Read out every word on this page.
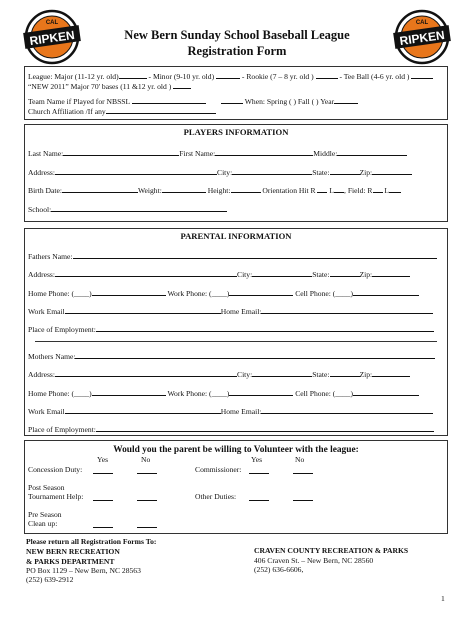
RIPKEN
CAL
RIPKEN
CAL
New Bern Sunday School Baseball League
Registration Form
League: Major (11-12 yr. old)	- Minor (9-10 yr. old)	- Rookie (7 – 8 yr. old )	- Tee Ball (4-6 yr. old )
“NEW 2011” Major 70' bases (11 &12 yr. old )
Team Name if Played for NBSSL	When: Spring ( ) Fall ( ) Year
Church Affiliation /If any
PLAYERS INFORMATION
Last Name:	First Name:	Middle:
Address:	City:	State:	Zip:
Birth Date:	Weight:	Height:	Orientation Hit R L , Field: R L
School:
PARENTAL INFORMATION
Fathers Name:
Address:	City:	State:	Zip:
Home Phone: (____)	Work Phone: (____)	Cell Phone: (____)
Work Email	Home Email:
Place of Employment:
Mothers Name:
Address:	City:	State:	Zip:
Home Phone: (____)	Work Phone: (____)	Cell Phone: (____)
Work Email	Home Email:
Place of Employment:
Would you the parent be willing to Volunteer with the league:
Yes	No	Yes	No
Concession Duty:	Commissioner:
Post Season
Tournament Help:	Other Duties:
Pre Season
Clean up:
Please return all Registration Forms To:
NEW BERN RECREATION
& PARKS DEPARTMENT
PO Box 1129 – New Bern, NC 28563
(252) 639-2912
CRAVEN COUNTY RECREATION & PARKS
406 Craven St. – New Bern, NC 28560
(252) 636-6606,
1
